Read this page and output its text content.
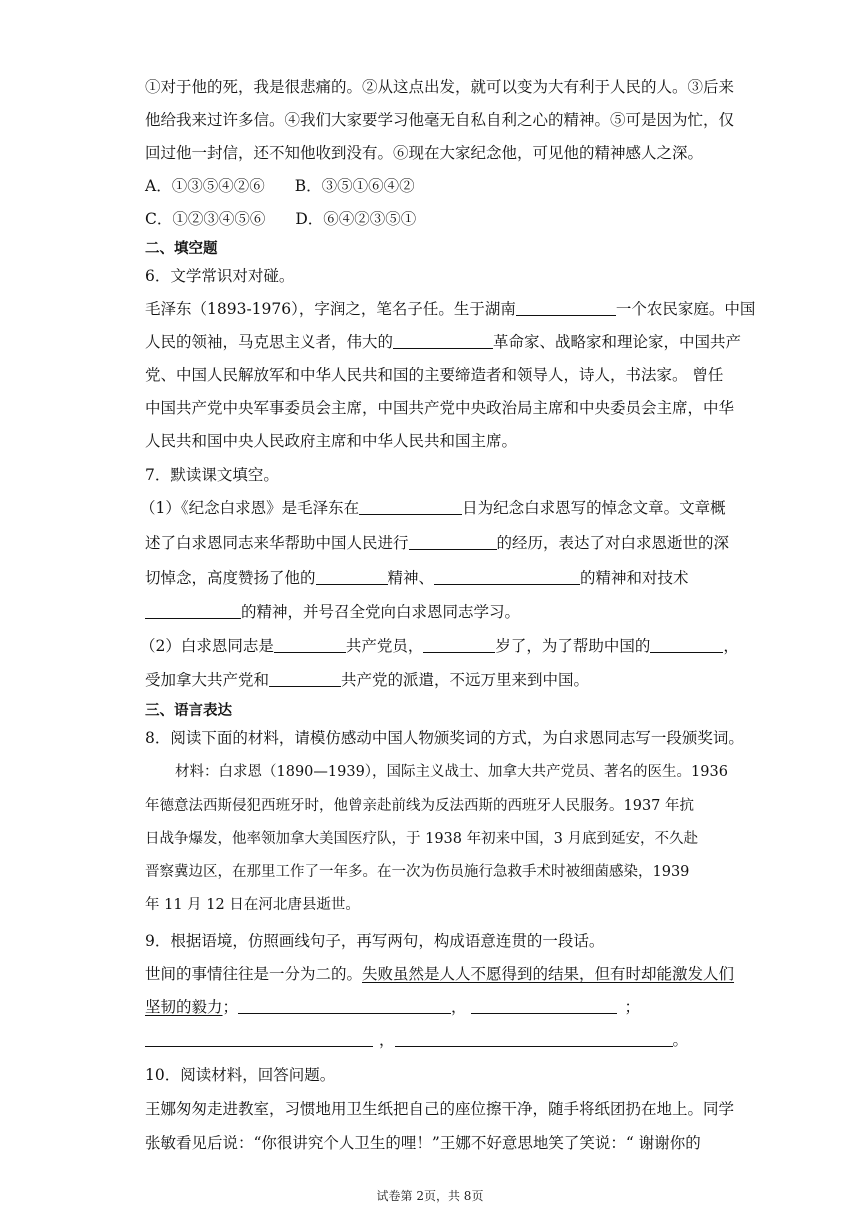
①对于他的死，我是很悲痛的。②从这点出发，就可以变为大有利于人民的人。③后来
他给我来过许多信。④我们大家要学习他毫无自私自利之心的精神。⑤可是因为忙，仅
回过他一封信，还不知他收到没有。⑥现在大家纪念他，可见他的精神感人之深。
A．①③⑤④②⑥ B．③⑤①⑥④②
C．①②③④⑤⑥ D．⑥④②③⑤①
二、填空题
6．文学常识对对碰。
毛泽东（1893-1976），字润之，笔名子任。生于湖南	一个农民家庭。中国
人民的领袖，马克思主义者，伟大的	革命家、战略家和理论家，中国共产
党、中国人民解放军和中华人民共和国的主要缔造者和领导人，诗人，书法家。 曾任
中国共产党中央军事委员会主席，中国共产党中央政治局主席和中央委员会主席，中华
人民共和国中央人民政府主席和中华人民共和国主席。
7．默读课文填空。
（1）《纪念白求恩》是毛泽东在	日为纪念白求恩写的悼念文章。文章概
述了白求恩同志来华帮助中国人民进行	的经历，表达了对白求恩逝世的深
切悼念，高度赞扬了他的	精神、	的精神和对技术
的精神，并号召全党向白求恩同志学习。
（2）白求恩同志是	共产党员，	岁了，为了帮助中国的	，
受加拿大共产党和	共产党的派遣，不远万里来到中国。
三、语言表达
8．阅读下面的材料，请模仿感动中国人物颁奖词的方式，为白求恩同志写一段颁奖词。
材料：白求恩（1890—1939），国际主义战士、加拿大共产党员、著名的医生。1936
年德意法西斯侵犯西班牙时，他曾亲赴前线为反法西斯的西班牙人民服务。1937 年抗
日战争爆发，他率领加拿大美国医疗队，于 1938 年初来中国，3 月底到延安，不久赴
晋察冀边区，在那里工作了一年多。在一次为伤员施行急救手术时被细菌感染，1939
年 11 月 12 日在河北唐县逝世。
9．根据语境，仿照画线句子，再写两句，构成语意连贯的一段话。
世间的事情往往是一分为二的。失败虽然是人人不愿得到的结果，但有时却能激发人们
坚韧的毅力；	，	；
，	。
10．阅读材料，回答问题。
王娜匆匆走进教室，习惯地用卫生纸把自己的座位擦干净，随手将纸团扔在地上。同学
张敏看见后说：“你很讲究个人卫生的哩！”王娜不好意思地笑了笑说：“ 谢谢你的
试卷第 2页，共 8页
